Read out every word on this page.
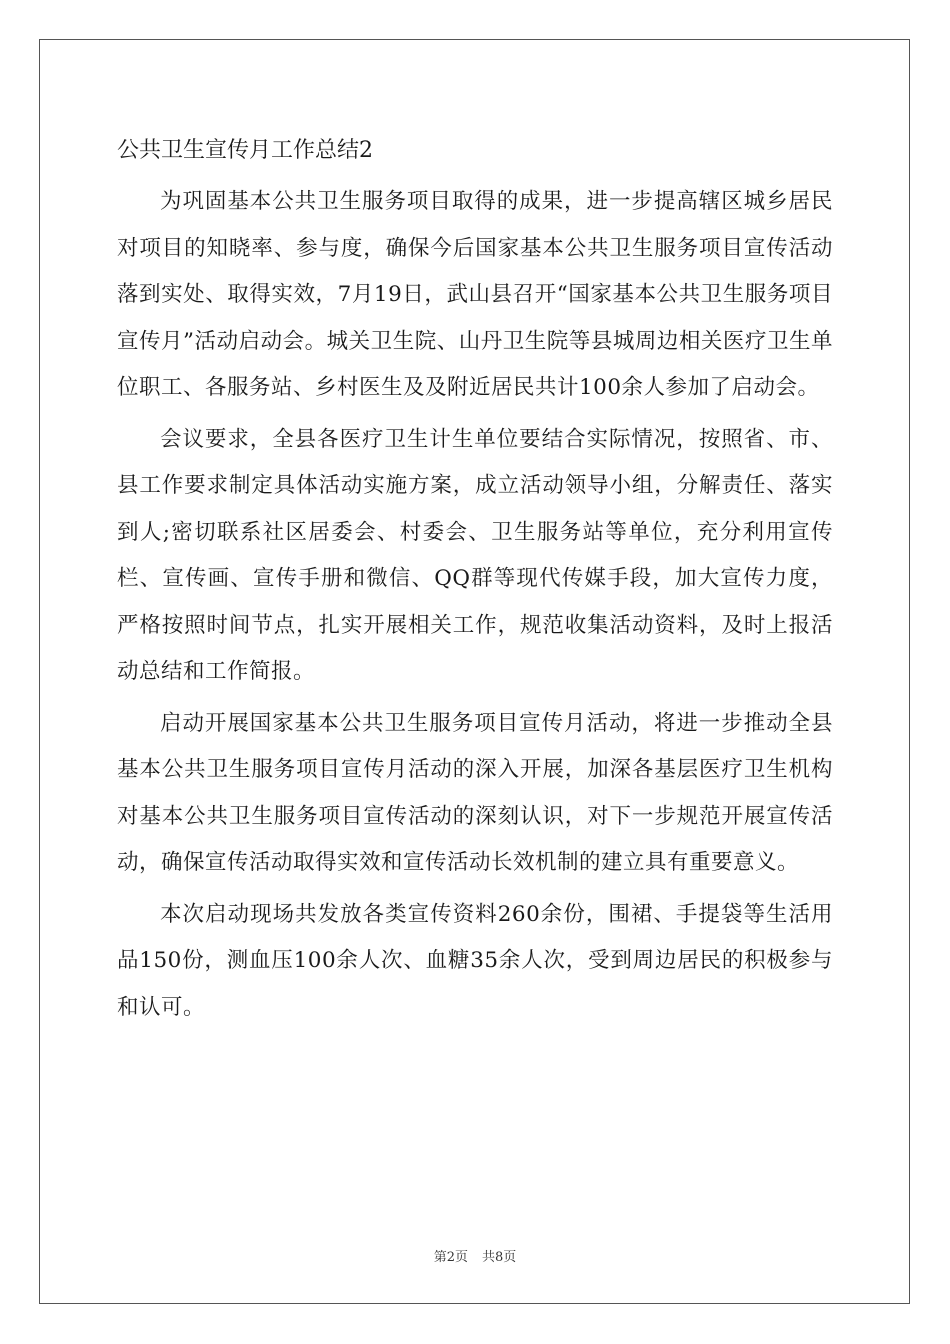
公共卫生宣传月工作总结2

为巩固基本公共卫生服务项目取得的成果，进一步提高辖区城乡居民对项目的知晓率、参与度，确保今后国家基本公共卫生服务项目宣传活动落到实处、取得实效，7月19日，武山县召开“国家基本公共卫生服务项目宣传月”活动启动会。城关卫生院、山丹卫生院等县城周边相关医疗卫生单位职工、各服务站、乡村医生及及附近居民共计100余人参加了启动会。

会议要求，全县各医疗卫生计生单位要结合实际情况，按照省、市、县工作要求制定具体活动实施方案，成立活动领导小组，分解责任、落实到人;密切联系社区居委会、村委会、卫生服务站等单位，充分利用宣传栏、宣传画、宣传手册和微信、QQ群等现代传媒手段，加大宣传力度，严格按照时间节点，扎实开展相关工作，规范收集活动资料，及时上报活动总结和工作简报。

启动开展国家基本公共卫生服务项目宣传月活动，将进一步推动全县基本公共卫生服务项目宣传月活动的深入开展，加深各基层医疗卫生机构对基本公共卫生服务项目宣传活动的深刻认识，对下一步规范开展宣传活动，确保宣传活动取得实效和宣传活动长效机制的建立具有重要意义。

本次启动现场共发放各类宣传资料260余份，围裙、手提袋等生活用品150份，测血压100余人次、血糖35余人次，受到周边居民的积极参与和认可。

第2页 共8页
